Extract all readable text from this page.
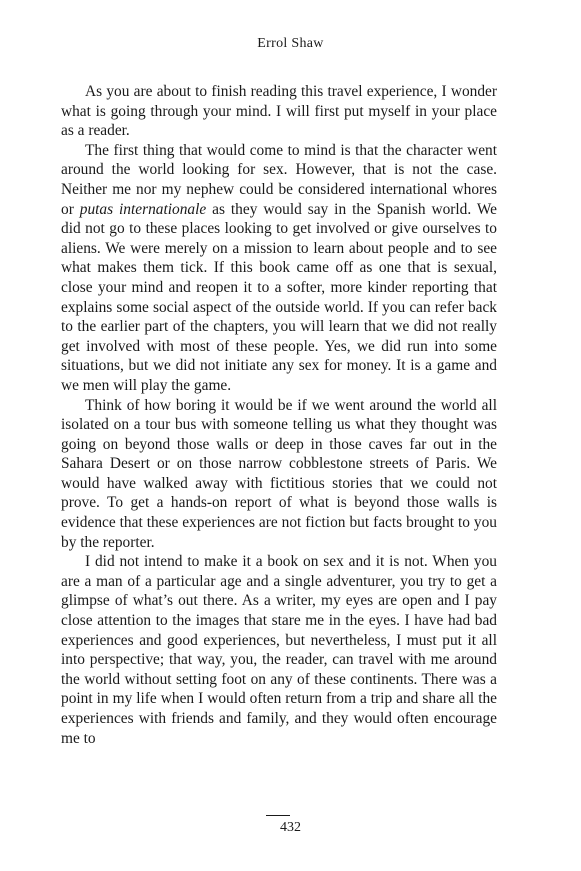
Errol Shaw

As you are about to finish reading this travel experience, I wonder what is going through your mind. I will first put myself in your place as a reader.

The first thing that would come to mind is that the character went around the world looking for sex. However, that is not the case. Neither me nor my nephew could be considered international whores or putas internationale as they would say in the Spanish world. We did not go to these places looking to get involved or give ourselves to aliens. We were merely on a mission to learn about people and to see what makes them tick. If this book came off as one that is sexual, close your mind and reopen it to a softer, more kinder reporting that explains some social aspect of the outside world. If you can refer back to the earlier part of the chapters, you will learn that we did not really get involved with most of these people. Yes, we did run into some situations, but we did not initiate any sex for money. It is a game and we men will play the game.

Think of how boring it would be if we went around the world all isolated on a tour bus with someone telling us what they thought was going on beyond those walls or deep in those caves far out in the Sahara Desert or on those narrow cobblestone streets of Paris. We would have walked away with fictitious stories that we could not prove. To get a hands-on report of what is beyond those walls is evidence that these experiences are not fiction but facts brought to you by the reporter.

I did not intend to make it a book on sex and it is not. When you are a man of a particular age and a single adventurer, you try to get a glimpse of what’s out there. As a writer, my eyes are open and I pay close attention to the images that stare me in the eyes. I have had bad experiences and good experiences, but nevertheless, I must put it all into perspective; that way, you, the reader, can travel with me around the world without setting foot on any of these continents. There was a point in my life when I would often return from a trip and share all the experiences with friends and family, and they would often encourage me to

432
